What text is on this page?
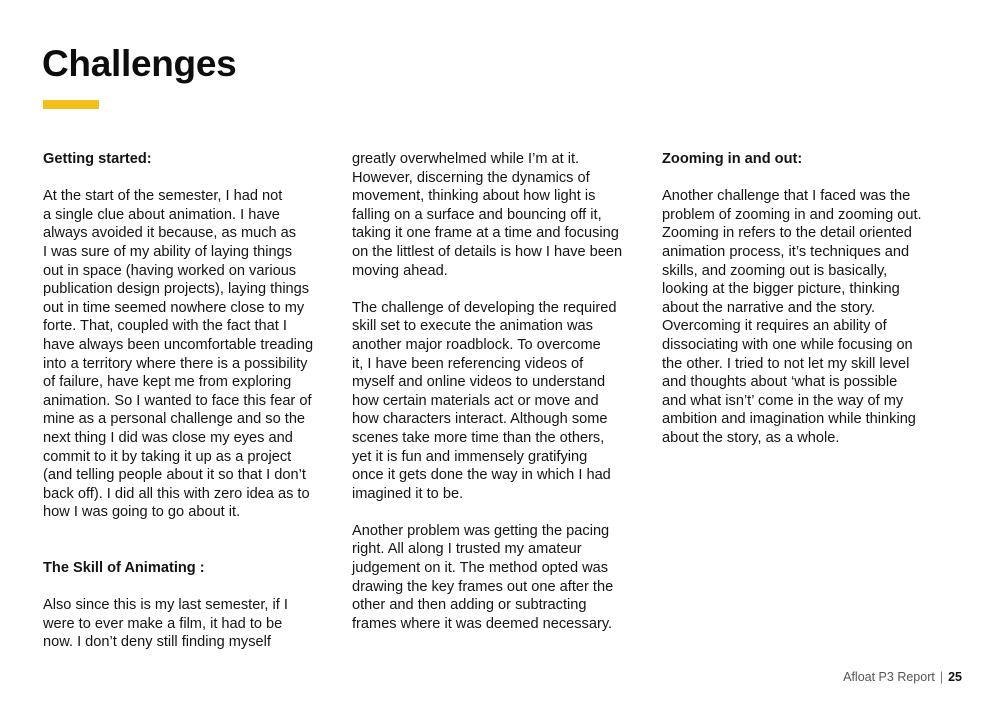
Challenges
Getting started:

At the start of the semester, I had not
a single clue about animation. I have
always avoided it because, as much as
I was sure of my ability of laying things
out in space (having worked on various
publication design projects), laying things
out in time seemed nowhere close to my
forte. That, coupled with the fact that I
have always been uncomfortable treading
into a territory where there is a possibility
of failure, have kept me from exploring
animation. So I wanted to face this fear of
mine as a personal challenge and so the
next thing I did was close my eyes and
commit to it by taking it up as a project
(and telling people about it so that I don’t
back off). I did all this with zero idea as to
how I was going to go about it.

The Skill of Animating :

Also since this is my last semester, if I
were to ever make a film, it had to be
now. I don’t deny still finding myself

greatly overwhelmed while I’m at it.
However, discerning the dynamics of
movement, thinking about how light is
falling on a surface and bouncing off it,
taking it one frame at a time and focusing
on the littlest of details is how I have been
moving ahead.

The challenge of developing the required
skill set to execute the animation was
another major roadblock. To overcome
it, I have been referencing videos of
myself and online videos to understand
how certain materials act or move and
how characters interact. Although some
scenes take more time than the others,
yet it is fun and immensely gratifying
once it gets done the way in which I had
imagined it to be.

Another problem was getting the pacing
right. All along I trusted my amateur
judgement on it. The method opted was
drawing the key frames out one after the
other and then adding or subtracting
frames where it was deemed necessary.

Zooming in and out:

Another challenge that I faced was the
problem of zooming in and zooming out.
Zooming in refers to the detail oriented
animation process, it’s techniques and
skills, and zooming out is basically,
looking at the bigger picture, thinking
about the narrative and the story.
Overcoming it requires an ability of
dissociating with one while focusing on
the other. I tried to not let my skill level
and thoughts about ‘what is possible
and what isn’t’ come in the way of my
ambition and imagination while thinking
about the story, as a whole.

Afloat P3 Report | 25
